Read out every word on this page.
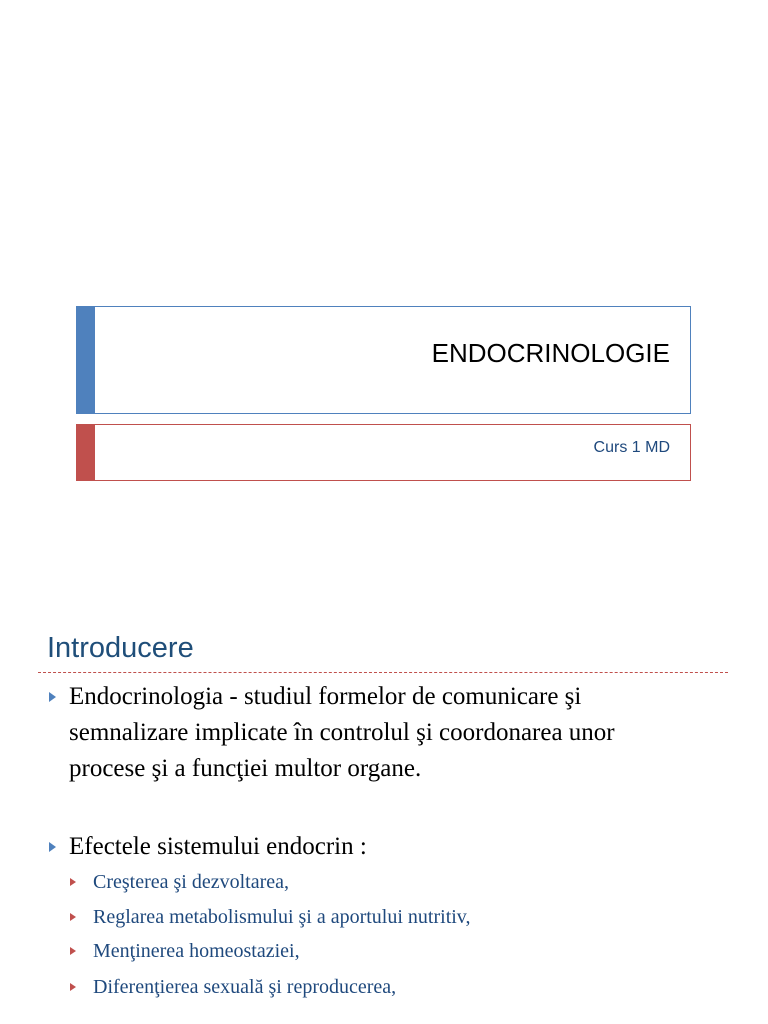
ENDOCRINOLOGIE
Curs 1 MD
Introducere
Endocrinologia - studiul formelor de comunicare şi
semnalizare implicate în controlul şi coordonarea unor
procese şi a funcţiei multor organe.
Efectele sistemului endocrin :
Creşterea şi dezvoltarea,
Reglarea metabolismului şi a aportului nutritiv,
Menţinerea homeostaziei,
Diferenţierea sexuală şi reproducerea,
